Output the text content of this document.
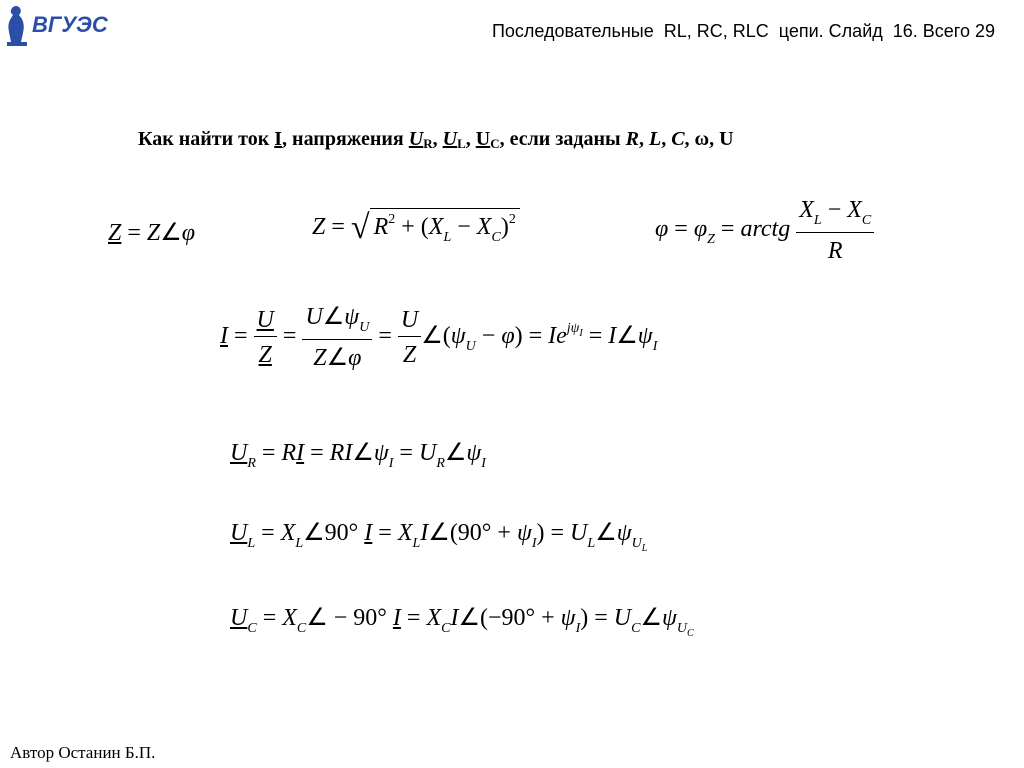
ВГУЭС	Последовательные  RL, RC, RLC  цепи. Слайд  16. Всего 29
Как найти ток I, напряжения $U_R$, $U_L$, $U_C$, если заданы R, L, C, ω, U
Z = Z∠φ	Z = √ $R^2 + (X_L - X_C)^2$	$\varphi = \varphi_Z$ = arctg $\frac{X_L - X_C}{R}$
$I = \frac{U}{Z} = \frac{U\angle\psi_U}{Z\angle\varphi} = \frac{U}{Z}$ $\angle(\psi_U - \varphi) = Ie^{j\psi_I}$ = $I\angle\psi_I$
$U_R$ = RI = $RI\angle\psi_I$ = $U_R\angle\psi_I$
$U_L$ = $X_L\angle 90^\circ$ $I = X_LI\angle(90^\circ + \psi_I)$ = $U_L\angle\psi_{U_L}$
$U_C$ = $X_C\angle - 90^\circ$ $I = X_CI\angle(-90^\circ + \psi_I)$ = $U_C\angle\psi_{U_C}$
Автор Останин Б.П.
